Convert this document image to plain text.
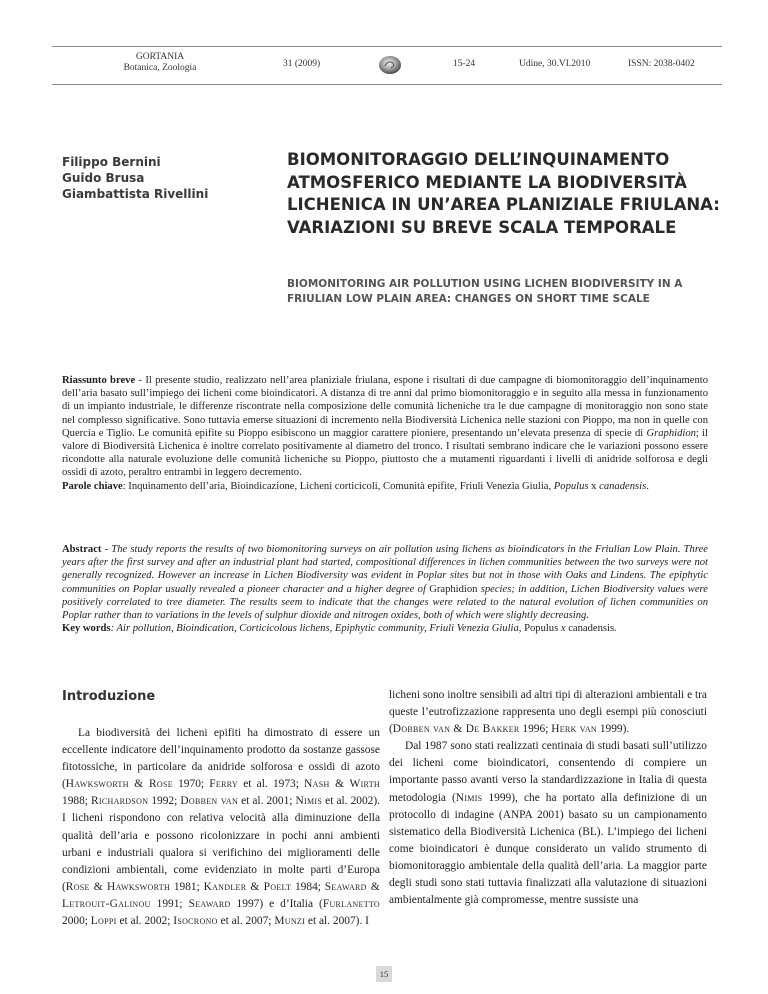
GORTANIA
Botanica, Zoologia	31 (2009)	15-24	Udine, 30.VI.2010	ISSN: 2038-0402
Filippo Bernini
Guido Brusa
Giambattista Rivellini
BIOMONITORAGGIO DELL’INQUINAMENTO ATMOSFERICO MEDIANTE LA BIODIVERSITÀ LICHENICA IN UN’AREA PLANIZIALE FRIULANA: VARIAZIONI SU BREVE SCALA TEMPORALE
BIOMONITORING AIR POLLUTION USING LICHEN BIODIVERSITY IN A FRIULIAN LOW PLAIN AREA: CHANGES ON SHORT TIME SCALE
Riassunto breve - Il presente studio, realizzato nell’area planiziale friulana, espone i risultati di due campagne di biomonitoraggio dell’inquinamento dell’aria basato sull’impiego dei licheni come bioindicatori. A distanza di tre anni dal primo biomonitoraggio e in seguito alla messa in funzionamento di un impianto industriale, le differenze riscontrate nella composizione delle comunità licheniche tra le due campagne di monitoraggio non sono state nel complesso significative. Sono tuttavia emerse situazioni di incremento nella Biodiversità Lichenica nelle stazioni con Pioppo, ma non in quelle con Quercia e Tiglio. Le comunità epifite su Pioppo esibiscono un maggior carattere pioniere, presentando un’elevata presenza di specie di Graphidion; il valore di Biodiversità Lichenica è inoltre correlato positivamente al diametro del tronco. I risultati sembrano indicare che le variazioni possono essere ricondotte alla naturale evoluzione delle comunità licheniche su Pioppo, piuttosto che a mutamenti riguardanti i livelli di anidride solforosa e degli ossidi di azoto, peraltro entrambi in leggero decremento.
Parole chiave: Inquinamento dell’aria, Bioindicazione, Licheni corticicoli, Comunità epifite, Friuli Venezia Giulia, Populus x canadensis.
Abstract - The study reports the results of two biomonitoring surveys on air pollution using lichens as bioindicators in the Friulian Low Plain. Three years after the first survey and after an industrial plant had started, compositional differences in lichen communities between the two surveys were not generally recognized. However an increase in Lichen Biodiversity was evident in Poplar sites but not in those with Oaks and Lindens. The epiphytic communities on Poplar usually revealed a pioneer character and a higher degree of Graphidion species; in addition, Lichen Biodiversity values were positively correlated to tree diameter. The results seem to indicate that the changes were related to the natural evolution of lichen communities on Poplar rather than to variations in the levels of sulphur dioxide and nitrogen oxides, both of which were slightly decreasing.
Key words: Air pollution, Bioindication, Corticicolous lichens, Epiphytic community, Friuli Venezia Giulia, Populus x canadensis.
Introduzione

La biodiversità dei licheni epifiti ha dimostrato di essere un eccellente indicatore dell’inquinamento prodotto da sostanze gassose fitotossiche, in particolare da anidride solforosa e ossidi di azoto (Hawksworth & Rose 1970; Ferry et al. 1973; Nash & Wirth 1988; Richardson 1992; Dobben van et al. 2001; Nimis et al. 2002). I licheni rispondono con relativa velocità alla diminuzione della qualità dell’aria e possono ricolonizzare in pochi anni ambienti urbani e industriali qualora si verifichino dei miglioramenti delle condizioni ambientali, come evidenziato in molte parti d’Europa (Rose & Hawksworth 1981; Kandler & Poelt 1984; Seaward & Letrouit-Galinou 1991; Seaward 1997) e d’Italia (Furlanetto 2000; Loppi et al. 2002; Isocrono et al. 2007; Munzi et al. 2007). I

licheni sono inoltre sensibili ad altri tipi di alterazioni ambientali e tra queste l’eutrofizzazione rappresenta uno degli esempi più conosciuti (Dobben van & De Bakker 1996; Herk van 1999).

Dal 1987 sono stati realizzati centinaia di studi basati sull’utilizzo dei licheni come bioindicatori, consentendo di compiere un importante passo avanti verso la standardizzazione in Italia di questa metodologia (Nimis 1999), che ha portato alla definizione di un protocollo di indagine (ANPA 2001) basato su un campionamento sistematico della Biodiversità Lichenica (BL). L’impiego dei licheni come bioindicatori è dunque considerato un valido strumento di biomonitoraggio ambientale della qualità dell’aria. La maggior parte degli studi sono stati tuttavia finalizzati alla valutazione di situazioni ambientalmente già compromesse, mentre sussiste una

15
